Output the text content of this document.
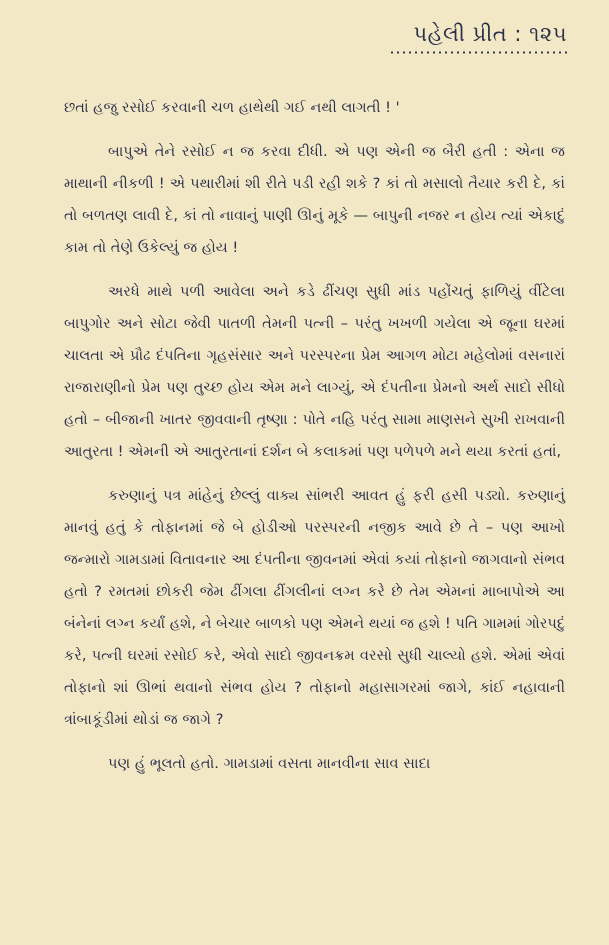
પહેલી પ્રીત : ૧૨૫

છતાં હજુ રસોઈ કરવાની ચળ હાથેથી ગઈ નથી લાગતી ! '

બાપુએ તેને રસોઈ ન જ કરવા દીધી. એ પણ એની જ બૈરી હતી : એના જ માથાની નીકળી ! એ પથારીમાં શી રીતે પડી રહી શકે ? કાં તો મસાલો તૈયાર કરી દે, કાં તો બળતણ લાવી દે, કાં તો નાવાનું પાણી ઊનું મૂકે — બાપુની નજર ન હોય ત્યાં એકાદું કામ તો તેણે ઉકેલ્યું જ હોય !

અરધે માથે પળી આવેલા અને કડે ઢીંચણ સુધી માંડ પહોંચતું ફાળિયું વીંટેલા બાપુગોર અને સોટા જેવી પાતળી તેમની પત્ની – પરંતુ ખખળી ગયેલા એ જૂના ઘરમાં ચાલતા એ પ્રૌઢ દંપતિના ગૃહસંસાર અને પરસ્પરના પ્રેમ આગળ મોટા મહેલોમાં વસનારાં રાજારાણીનો પ્રેમ પણ તુચ્છ હોય એમ મને લાગ્યું, એ દંપતીના પ્રેમનો અર્થ સાદો સીધો હતો – બીજાની ખાતર જીવવાની તૃષ્ણા : પોતે નહિ પરંતુ સામા માણસને સુખી રાખવાની આતુરતા ! એમની એ આતુરતાનાં દર્શન બે કલાકમાં પણ પળેપળે મને થયા કરતાં હતાં,

કરુણાનું પત્ર માંહેનું છેલ્લું વાક્ય સાંભરી આવત હું ફરી હસી પડ્યો. કરુણાનું માનવું હતું કે તોફાનમાં જે બે હોડીઓ પરસ્પરની નજીક આવે છે તે – પણ આખો જન્મારો ગામડામાં વિતાવનાર આ દંપતીના જીવનમાં એવાં કયાં તોફાનો જાગવાનો સંભવ હતો ? રમતમાં છોકરી જેમ ઢીંગલા ઢીંગલીનાં લગ્ન કરે છે તેમ એમનાં માબાપોએ આ બંનેનાં લગ્ન કર્યાં હશે, ને બેચાર બાળકો પણ એમને થયાં જ હશે ! પતિ ગામમાં ગોરપદું કરે, પત્ની ઘરમાં રસોઈ કરે, એવો સાદો જીવનક્રમ વરસો સુધી ચાલ્યો હશે. એમાં એવાં તોફાનો શાં ઊભાં થવાનો સંભવ હોય ? તોફાનો મહાસાગરમાં જાગે, કાંઈ નહાવાની ત્રાંબાકૂંડીમાં થોડાં જ જાગે ?

પણ હું ભૂલતો હતો. ગામડામાં વસતા માનવીના સાવ સાદા
